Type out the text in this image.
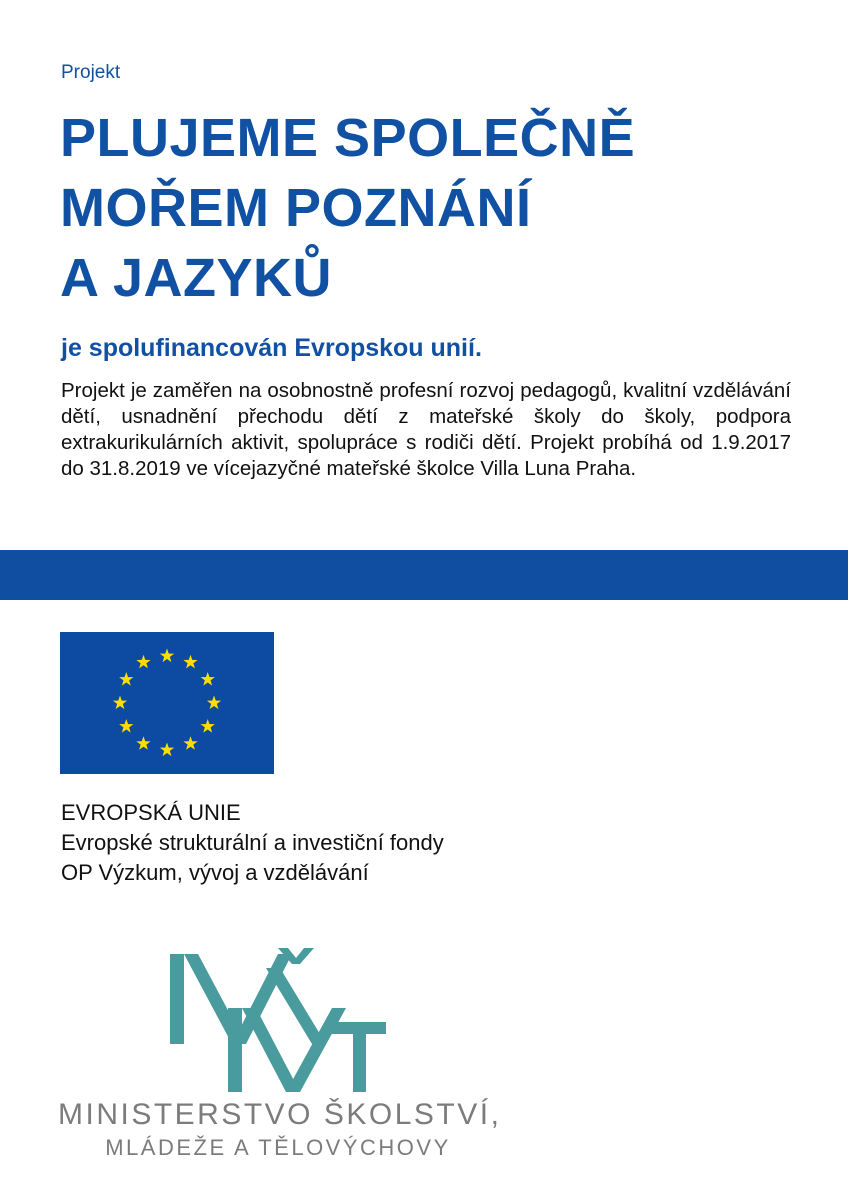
Projekt
PLUJEME SPOLEČNĚ
MOŘEM POZNÁNÍ
A JAZYKŮ
je spolufinancován Evropskou unií.

Projekt je zaměřen na osobnostně profesní rozvoj pedagogů, kvalitní vzdělávání dětí, usnadnění přechodu dětí z mateřské školy do školy, podpora extrakurikulárních aktivit, spolupráce s rodiči dětí. Projekt probíhá od 1.9.2017 do 31.8.2019 ve vícejazyčné mateřské školce Villa Luna Praha.

EVROPSKÁ UNIE
Evropské strukturální a investiční fondy
OP Výzkum, vývoj a vzdělávání
MINISTERSTVO ŠKOLSTVÍ,
MLÁDEŽE A TĚLOVÝCHOVY
